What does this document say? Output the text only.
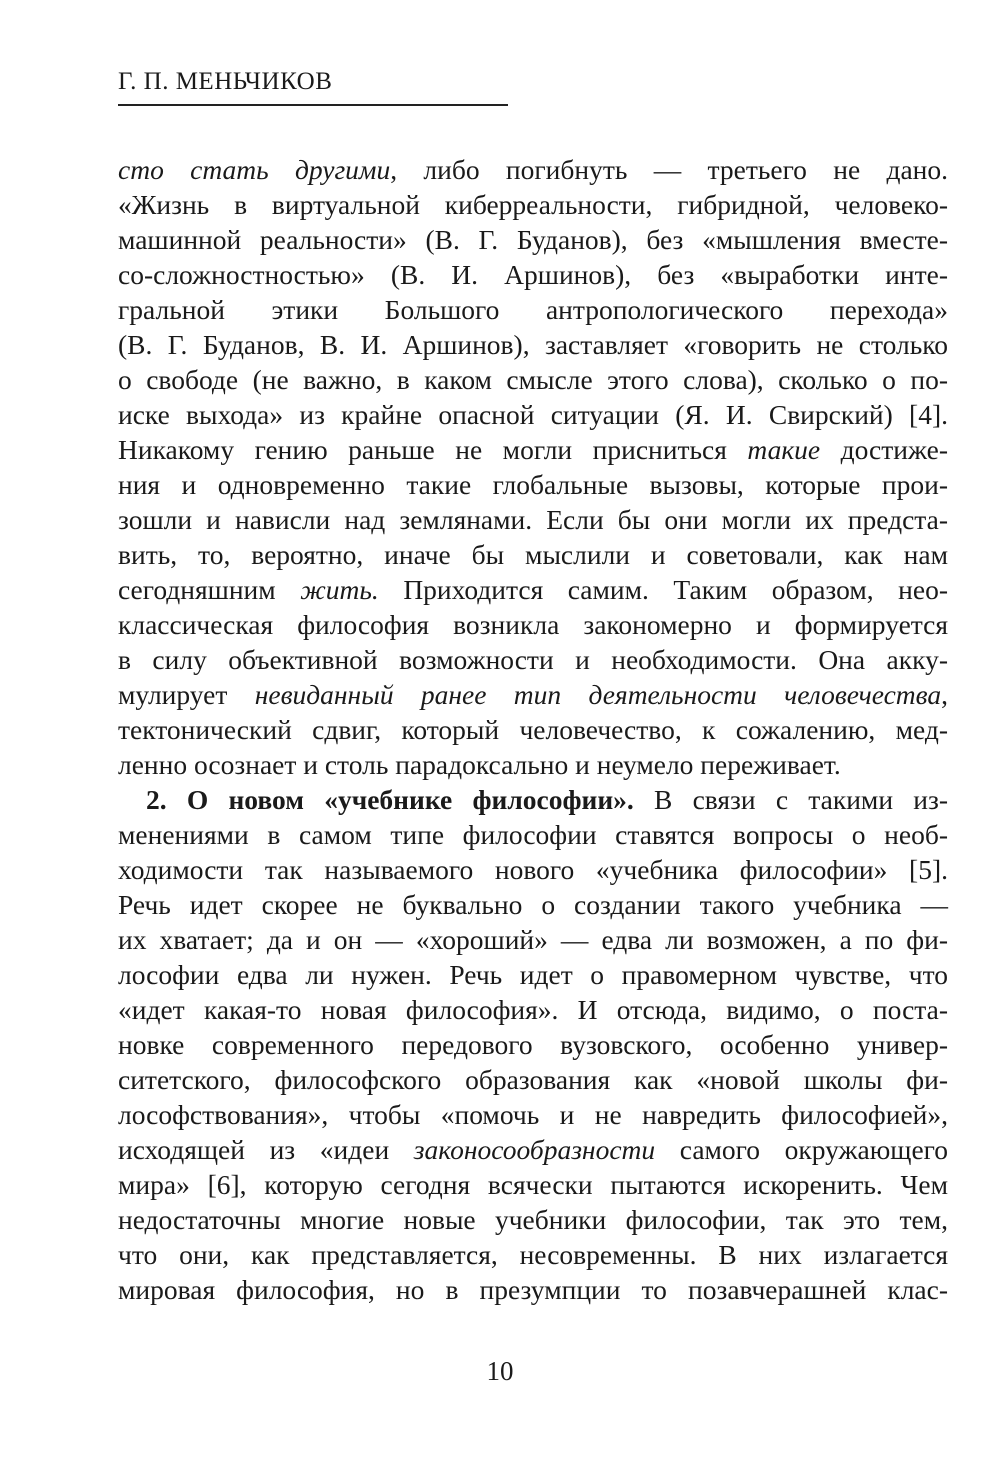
Г. П. МЕНЬЧИКОВ
сто стать другими, либо погибнуть — третьего не дано.
«Жизнь в виртуальной киберреальности, гибридной, человеко-
машинной реальности» (В. Г. Буданов), без «мышления вместе-
со-сложностностью» (В. И. Аршинов), без «выработки инте-
гральной этики Большого антропологического перехода»
(В. Г. Буданов, В. И. Аршинов), заставляет «говорить не столько
о свободе (не важно, в каком смысле этого слова), сколько о по-
иске выхода» из крайне опасной ситуации (Я. И. Свирский) [4].
Никакому гению раньше не могли присниться такие достиже-
ния и одновременно такие глобальные вызовы, которые прои-
зошли и нависли над землянами. Если бы они могли их предста-
вить, то, вероятно, иначе бы мыслили и советовали, как нам
сегодняшним жить. Приходится самим. Таким образом, нео-
классическая философия возникла закономерно и формируется
в силу объективной возможности и необходимости. Она акку-
мулирует невиданный ранее тип деятельности человечества,
тектонический сдвиг, который человечество, к сожалению, мед-
ленно осознает и столь парадоксально и неумело переживает.
2. О новом «учебнике философии». В связи с такими из-
менениями в самом типе философии ставятся вопросы о необ-
ходимости так называемого нового «учебника философии» [5].
Речь идет скорее не буквально о создании такого учебника —
их хватает; да и он — «хороший» — едва ли возможен, а по фи-
лософии едва ли нужен. Речь идет о правомерном чувстве, что
«идет какая-то новая философия». И отсюда, видимо, о поста-
новке современного передового вузовского, особенно универ-
ситетского, философского образования как «новой школы фи-
лософствования», чтобы «помочь и не навредить философией»,
исходящей из «идеи законосообразности самого окружающего
мира» [6], которую сегодня всячески пытаются искоренить. Чем
недостаточны многие новые учебники философии, так это тем,
что они, как представляется, несовременны. В них излагается
мировая философия, но в презумпции то позавчерашней клас-
10
